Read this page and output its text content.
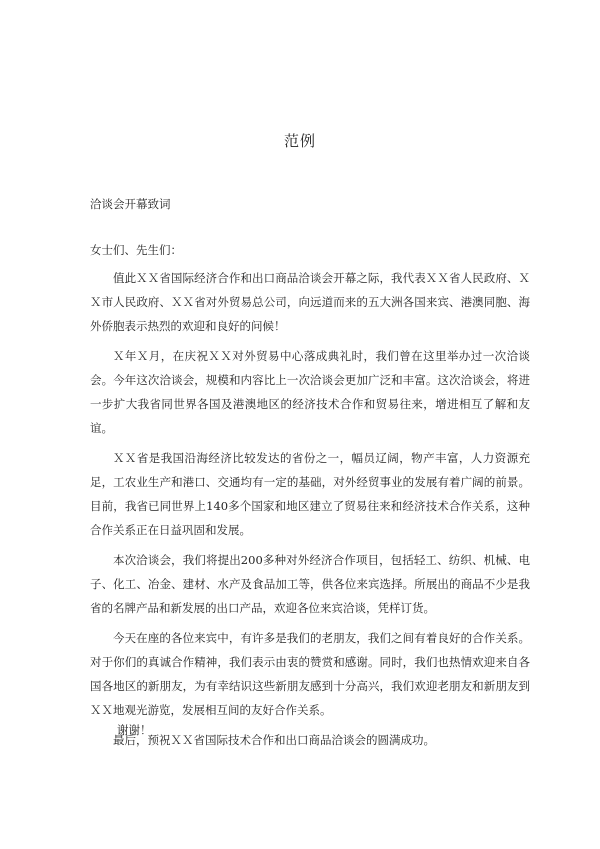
范例
洽谈会开幕致词
女士们、先生们：

值此ＸＸ省国际经济合作和出口商品洽谈会开幕之际，我代表ＸＸ省人民政府、ＸＸ市人民政府、ＸＸ省对外贸易总公司，向远道而来的五大洲各国来宾、港澳同胞、海外侨胞表示热烈的欢迎和良好的问候！

Ｘ年Ｘ月，在庆祝ＸＸ对外贸易中心落成典礼时，我们曾在这里举办过一次洽谈会。今年这次洽谈会，规模和内容比上一次洽谈会更加广泛和丰富。这次洽谈会，将进一步扩大我省同世界各国及港澳地区的经济技术合作和贸易往来，增进相互了解和友谊。

ＸＸ省是我国沿海经济比较发达的省份之一，幅员辽阔，物产丰富，人力资源充足，工农业生产和港口、交通均有一定的基础，对外经贸事业的发展有着广阔的前景。目前，我省已同世界上140多个国家和地区建立了贸易往来和经济技术合作关系，这种合作关系正在日益巩固和发展。

本次洽谈会，我们将提出200多种对外经济合作项目，包括轻工、纺织、机械、电子、化工、冶金、建材、水产及食品加工等，供各位来宾选择。所展出的商品不少是我省的名牌产品和新发展的出口产品，欢迎各位来宾洽谈，凭样订货。

今天在座的各位来宾中，有许多是我们的老朋友，我们之间有着良好的合作关系。对于你们的真诚合作精神，我们表示由衷的赞赏和感谢。同时，我们也热情欢迎来自各国各地区的新朋友，为有幸结识这些新朋友感到十分高兴，我们欢迎老朋友和新朋友到ＸＸ地观光游览，发展相互间的友好合作关系。

最后，预祝ＸＸ省国际技术合作和出口商品洽谈会的圆满成功。

谢谢！
